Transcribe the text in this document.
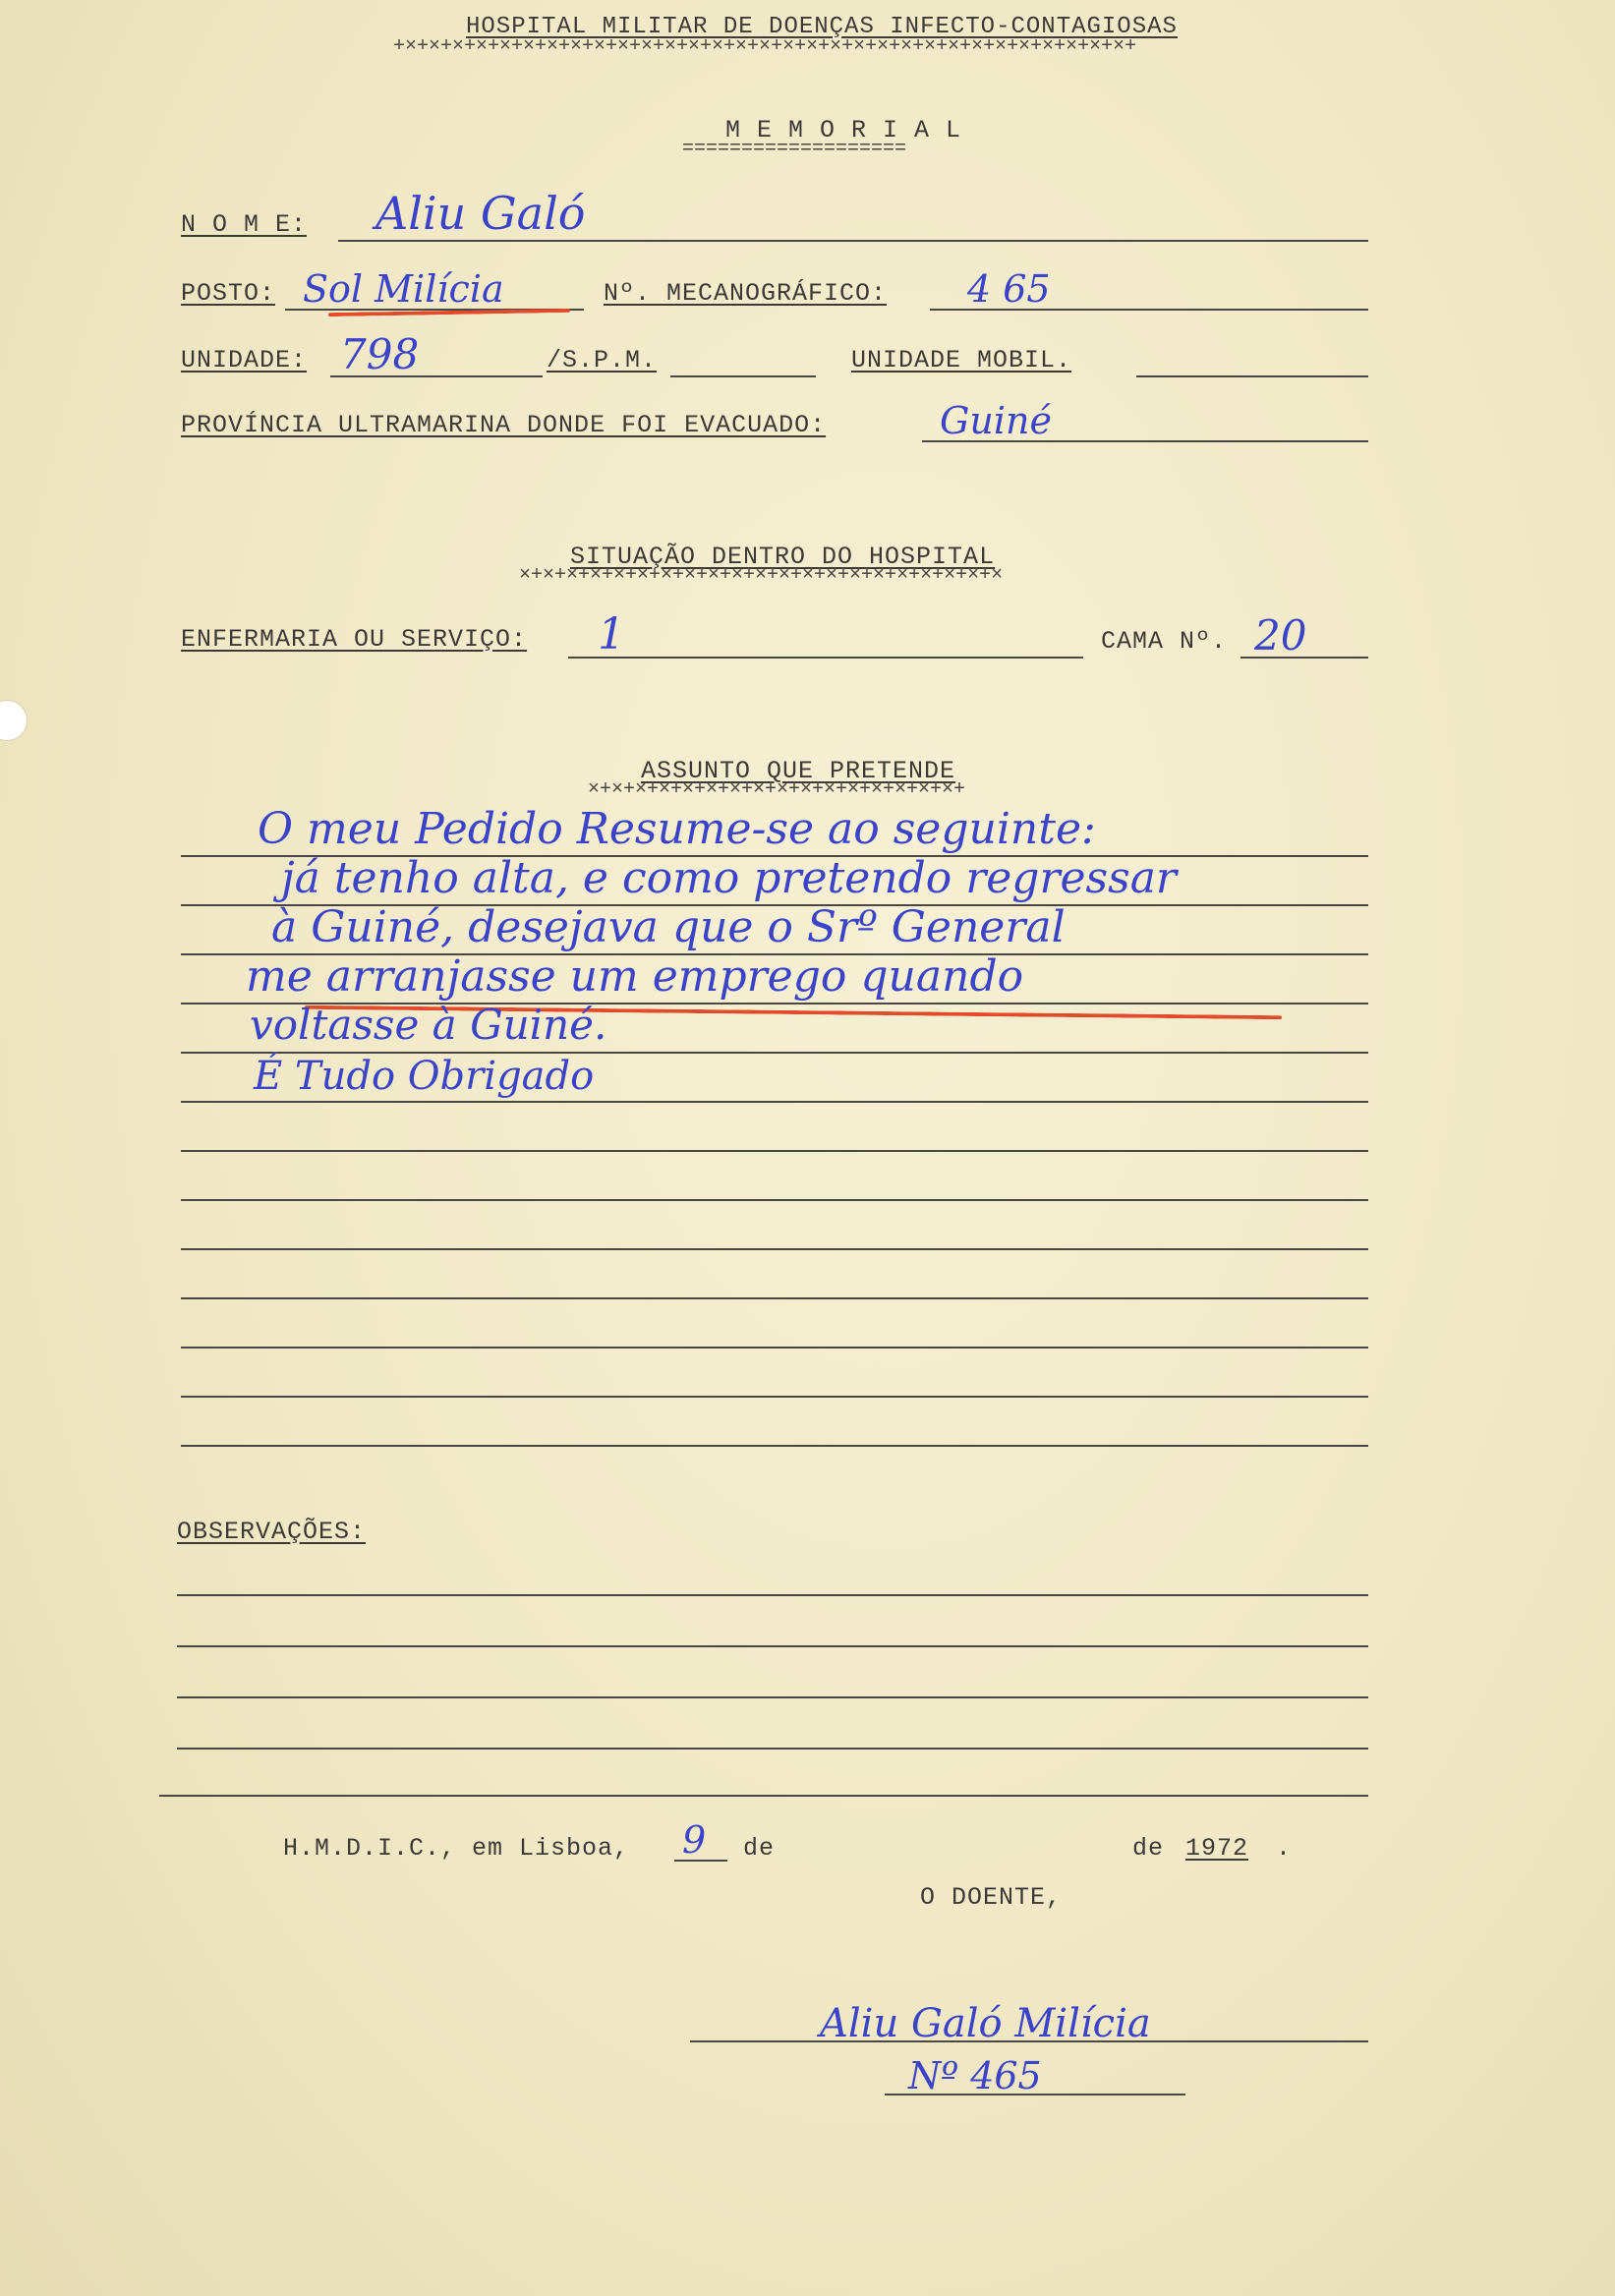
HOSPITAL MILITAR DE DOENÇAS INFECTO-CONTAGIOSAS
+×+×+×+×+×+×+×+×+×+×+×+×+×+×+×+×+×+×+×+×+×+×+×+×+×+×+×+×+×+×+×+
M E M O R I A L
===================
N O M E: Aliu Galó
POSTO: Sol Milícia	Nº. MECANOGRÁFICO: 4 65
UNIDADE: 798	/S.P.M.	UNIDADE MOBIL.
PROVÍNCIA ULTRAMARINA DONDE FOI EVACUADO:	Guiné
SITUAÇÃO DENTRO DO HOSPITAL
×+×+×+×+×+×+×+×+×+×+×+×+×+×+×+×+×+×+×+×+×
ENFERMARIA OU SERVIÇO: 1	CAMA Nº. 20
ASSUNTO QUE PRETENDE
×+×+×+×+×+×+×+×+×+×+×+×+×+×+×+×+
O meu Pedido Resume-se ao seguinte:
já tenho alta, e como pretendo regressar
à Guiné, desejava que o Srº General
me arranjasse um emprego quando
voltasse à Guiné.
É Tudo Obrigado
OBSERVAÇÕES:
H.M.D.I.C., em Lisboa, 9 de	de 1972 .
O DOENTE,
Aliu Galó Milícia
Nº 465
